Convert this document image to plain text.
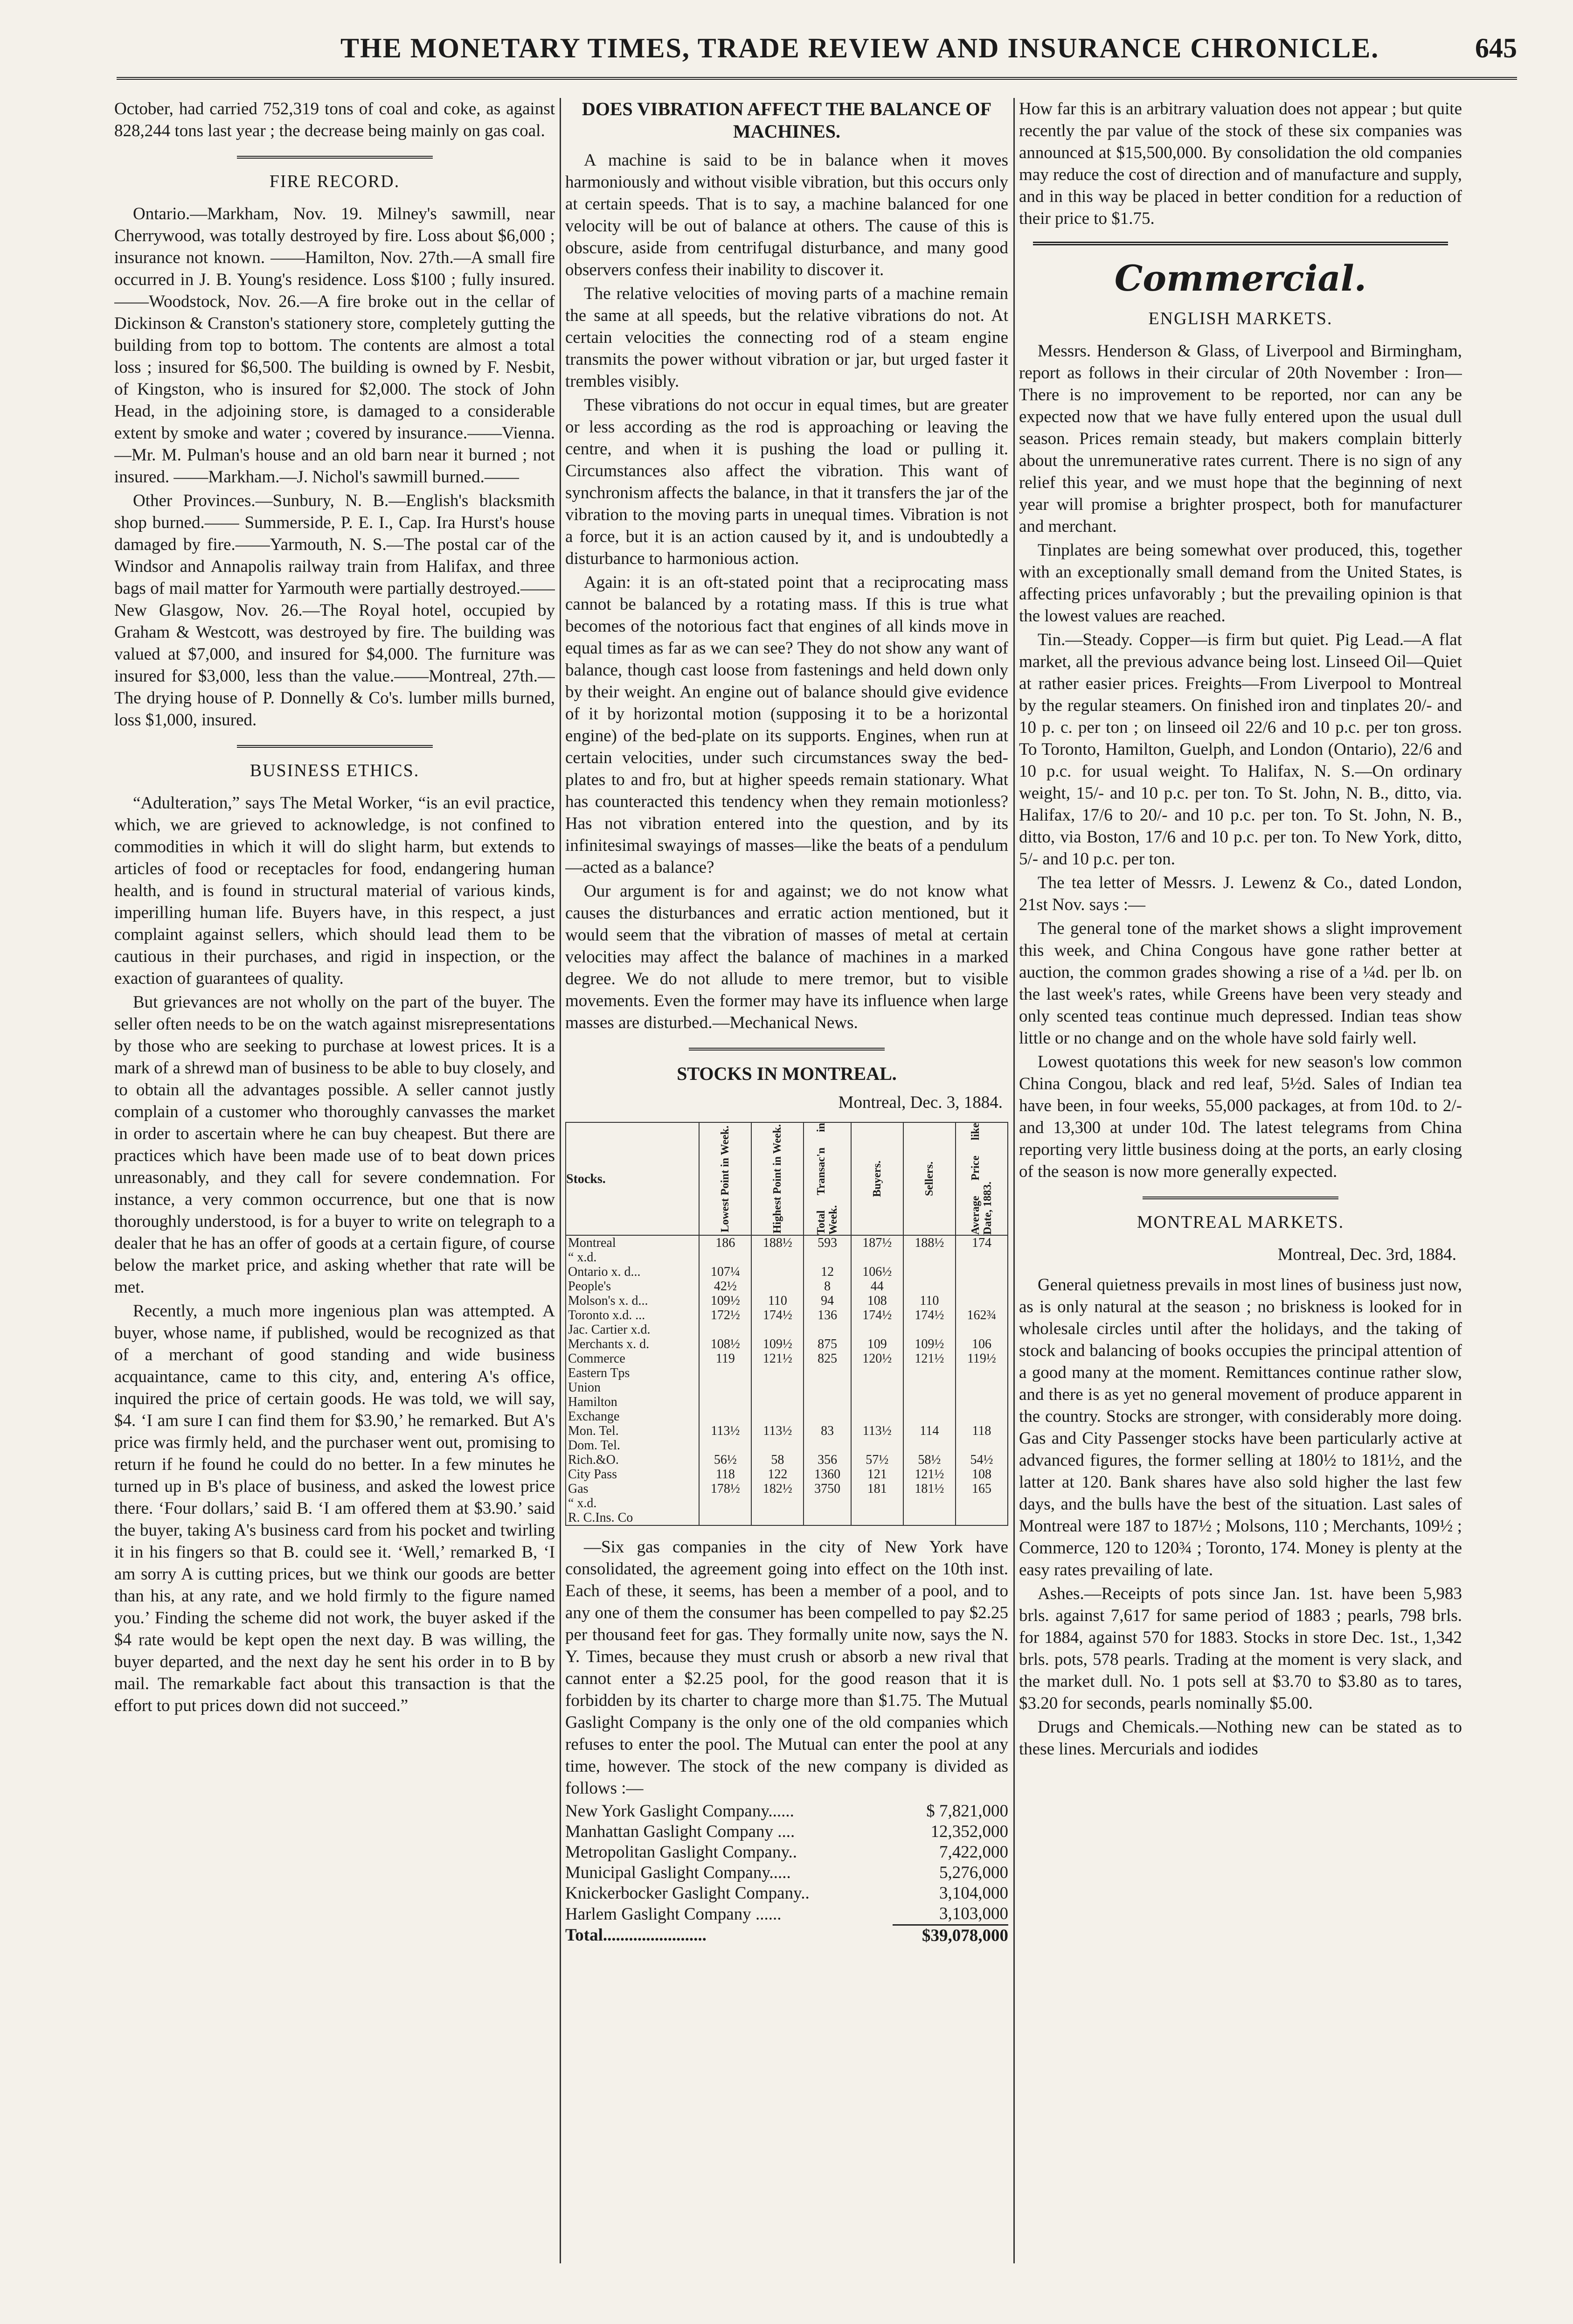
THE MONETARY TIMES, TRADE REVIEW AND INSURANCE CHRONICLE.	645

October, had carried 752,319 tons of coal and coke, as against 828,244 tons last year ; the decrease being mainly on gas coal.

FIRE RECORD.

Ontario.—Markham, Nov. 19. Milney's sawmill, near Cherrywood, was totally destroyed by fire. Loss about $6,000 ; insurance not known. ——Hamilton, Nov. 27th.—A small fire occurred in J. B. Young's residence. Loss $100 ; fully insured.——Woodstock, Nov. 26.—A fire broke out in the cellar of Dickinson & Cranston's stationery store, completely gutting the building from top to bottom. The contents are almost a total loss ; insured for $6,500. The building is owned by F. Nesbit, of Kingston, who is insured for $2,000. The stock of John Head, in the adjoining store, is damaged to a considerable extent by smoke and water ; covered by insurance.——Vienna.—Mr. M. Pulman's house and an old barn near it burned ; not insured. ——Markham.—J. Nichol's sawmill burned.——

Other Provinces.—Sunbury, N. B.—English's blacksmith shop burned.—— Summerside, P. E. I., Cap. Ira Hurst's house damaged by fire.——Yarmouth, N. S.—The postal car of the Windsor and Annapolis railway train from Halifax, and three bags of mail matter for Yarmouth were partially destroyed.——New Glasgow, Nov. 26.—The Royal hotel, occupied by Graham & Westcott, was destroyed by fire. The building was valued at $7,000, and insured for $4,000. The furniture was insured for $3,000, less than the value.——Montreal, 27th.—The drying house of P. Donnelly & Co's. lumber mills burned, loss $1,000, insured.

BUSINESS ETHICS.

“Adulteration,” says The Metal Worker, “is an evil practice, which, we are grieved to acknowledge, is not confined to commodities in which it will do slight harm, but extends to articles of food or receptacles for food, endangering human health, and is found in structural material of various kinds, imperilling human life. Buyers have, in this respect, a just complaint against sellers, which should lead them to be cautious in their purchases, and rigid in inspection, or the exaction of guarantees of quality.

But grievances are not wholly on the part of the buyer. The seller often needs to be on the watch against misrepresentations by those who are seeking to purchase at lowest prices. It is a mark of a shrewd man of business to be able to buy closely, and to obtain all the advantages possible. A seller cannot justly complain of a customer who thoroughly canvasses the market in order to ascertain where he can buy cheapest. But there are practices which have been made use of to beat down prices unreasonably, and they call for severe condemnation. For instance, a very common occurrence, but one that is now thoroughly understood, is for a buyer to write on telegraph to a dealer that he has an offer of goods at a certain figure, of course below the market price, and asking whether that rate will be met.

Recently, a much more ingenious plan was attempted. A buyer, whose name, if published, would be recognized as that of a merchant of good standing and wide business acquaintance, came to this city, and, entering A's office, inquired the price of certain goods. He was told, we will say, $4. ‘I am sure I can find them for $3.90,’ he remarked. But A's price was firmly held, and the purchaser went out, promising to return if he found he could do no better. In a few minutes he turned up in B's place of business, and asked the lowest price there. ‘Four dollars,’ said B. ‘I am offered them at $3.90.’ said the buyer, taking A's business card from his pocket and twirling it in his fingers so that B. could see it. ‘Well,’ remarked B, ‘I am sorry A is cutting prices, but we think our goods are better than his, at any rate, and we hold firmly to the figure named you.’ Finding the scheme did not work, the buyer asked if the $4 rate would be kept open the next day. B was willing, the buyer departed, and the next day he sent his order in to B by mail. The remarkable fact about this transaction is that the effort to put prices down did not succeed.”

DOES VIBRATION AFFECT THE BALANCE OF MACHINES.

A machine is said to be in balance when it moves harmoniously and without visible vibration, but this occurs only at certain speeds. That is to say, a machine balanced for one velocity will be out of balance at others. The cause of this is obscure, aside from centrifugal disturbance, and many good observers confess their inability to discover it.

The relative velocities of moving parts of a machine remain the same at all speeds, but the relative vibrations do not. At certain velocities the connecting rod of a steam engine transmits the power without vibration or jar, but urged faster it trembles visibly.

These vibrations do not occur in equal times, but are greater or less according as the rod is approaching or leaving the centre, and when it is pushing the load or pulling it. Circumstances also affect the vibration. This want of synchronism affects the balance, in that it transfers the jar of the vibration to the moving parts in unequal times. Vibration is not a force, but it is an action caused by it, and is undoubtedly a disturbance to harmonious action.

Again: it is an oft-stated point that a reciprocating mass cannot be balanced by a rotating mass. If this is true what becomes of the notorious fact that engines of all kinds move in equal times as far as we can see? They do not show any want of balance, though cast loose from fastenings and held down only by their weight. An engine out of balance should give evidence of it by horizontal motion (supposing it to be a horizontal engine) of the bed-plate on its supports. Engines, when run at certain velocities, under such circumstances sway the bed-plates to and fro, but at higher speeds remain stationary. What has counteracted this tendency when they remain motionless? Has not vibration entered into the question, and by its infinitesimal swayings of masses—like the beats of a pendulum—acted as a balance?

Our argument is for and against; we do not know what causes the disturbances and erratic action mentioned, but it would seem that the vibration of masses of metal at certain velocities may affect the balance of machines in a marked degree. We do not allude to mere tremor, but to visible movements. Even the former may have its influence when large masses are disturbed.—Mechanical News.

STOCKS IN MONTREAL.
Montreal, Dec. 3, 1884.
Stocks.	Lowest Point in Week.	Highest Point in Week.	Total Transac'n in Week.	Buyers.	Sellers.	Average Price like Date, 1883.

Montreal	186	188½	593	187½	188½	174
“ x.d.						
Ontario x. d...	107¼		12	106½		
People's	42½		8	44		
Molson's x. d...	109½	110	94	108	110	
Toronto x.d. ...	172½	174½	136	174½	174½	162¾
Jac. Cartier x.d.						
Merchants x. d.	108½	109½	875	109	109½	106
Commerce	119	121½	825	120½	121½	119½
Eastern Tps						
Union						
Hamilton						
Exchange						
Mon. Tel.	113½	113½	83	113½	114	118
Dom. Tel.						
Rich.&O.	56½	58	356	57½	58½	54½
City Pass	118	122	1360	121	121½	108
Gas	178½	182½	3750	181	181½	165
“ x.d.						
R. C.Ins. Co						

—Six gas companies in the city of New York have consolidated, the agreement going into effect on the 10th inst. Each of these, it seems, has been a member of a pool, and to any one of them the consumer has been compelled to pay $2.25 per thousand feet for gas. They formally unite now, says the N. Y. Times, because they must crush or absorb a new rival that cannot enter a $2.25 pool, for the good reason that it is forbidden by its charter to charge more than $1.75. The Mutual Gaslight Company is the only one of the old companies which refuses to enter the pool. The Mutual can enter the pool at any time, however. The stock of the new company is divided as follows :—

New York Gaslight Company......	$ 7,821,000
Manhattan Gaslight Company ....	12,352,000
Metropolitan Gaslight Company..	7,422,000
Municipal Gaslight Company.....	5,276,000
Knickerbocker Gaslight Company..	3,104,000
Harlem Gaslight Company ......	3,103,000
Total........................	$39,078,000

How far this is an arbitrary valuation does not appear ; but quite recently the par value of the stock of these six companies was announced at $15,500,000. By consolidation the old companies may reduce the cost of direction and of manufacture and supply, and in this way be placed in better condition for a reduction of their price to $1.75.

Commercial.
ENGLISH MARKETS.

Messrs. Henderson & Glass, of Liverpool and Birmingham, report as follows in their circular of 20th November : Iron—There is no improvement to be reported, nor can any be expected now that we have fully entered upon the usual dull season. Prices remain steady, but makers complain bitterly about the unremunerative rates current. There is no sign of any relief this year, and we must hope that the beginning of next year will promise a brighter prospect, both for manufacturer and merchant.

Tinplates are being somewhat over produced, this, together with an exceptionally small demand from the United States, is affecting prices unfavorably ; but the prevailing opinion is that the lowest values are reached.

Tin.—Steady. Copper—is firm but quiet. Pig Lead.—A flat market, all the previous advance being lost. Linseed Oil—Quiet at rather easier prices. Freights—From Liverpool to Montreal by the regular steamers. On finished iron and tinplates 20/- and 10 p. c. per ton ; on linseed oil 22/6 and 10 p.c. per ton gross. To Toronto, Hamilton, Guelph, and London (Ontario), 22/6 and 10 p.c. for usual weight. To Halifax, N. S.—On ordinary weight, 15/- and 10 p.c. per ton. To St. John, N. B., ditto, via. Halifax, 17/6 to 20/- and 10 p.c. per ton. To St. John, N. B., ditto, via Boston, 17/6 and 10 p.c. per ton. To New York, ditto, 5/- and 10 p.c. per ton.

The tea letter of Messrs. J. Lewenz & Co., dated London, 21st Nov. says :—

The general tone of the market shows a slight improvement this week, and China Congous have gone rather better at auction, the common grades showing a rise of a ¼d. per lb. on the last week's rates, while Greens have been very steady and only scented teas continue much depressed. Indian teas show little or no change and on the whole have sold fairly well.

Lowest quotations this week for new season's low common China Congou, black and red leaf, 5½d. Sales of Indian tea have been, in four weeks, 55,000 packages, at from 10d. to 2/- and 13,300 at under 10d. The latest telegrams from China reporting very little business doing at the ports, an early closing of the season is now more generally expected.

MONTREAL MARKETS.
Montreal, Dec. 3rd, 1884.

General quietness prevails in most lines of business just now, as is only natural at the season ; no briskness is looked for in wholesale circles until after the holidays, and the taking of stock and balancing of books occupies the principal attention of a good many at the moment. Remittances continue rather slow, and there is as yet no general movement of produce apparent in the country. Stocks are stronger, with considerably more doing. Gas and City Passenger stocks have been particularly active at advanced figures, the former selling at 180½ to 181½, and the latter at 120. Bank shares have also sold higher the last few days, and the bulls have the best of the situation. Last sales of Montreal were 187 to 187½ ; Molsons, 110 ; Merchants, 109½ ; Commerce, 120 to 120¾ ; Toronto, 174. Money is plenty at the easy rates prevailing of late.

Ashes.—Receipts of pots since Jan. 1st. have been 5,983 brls. against 7,617 for same period of 1883 ; pearls, 798 brls. for 1884, against 570 for 1883. Stocks in store Dec. 1st., 1,342 brls. pots, 578 pearls. Trading at the moment is very slack, and the market dull. No. 1 pots sell at $3.70 to $3.80 as to tares, $3.20 for seconds, pearls nominally $5.00.

Drugs and Chemicals.—Nothing new can be stated as to these lines. Mercurials and iodides
